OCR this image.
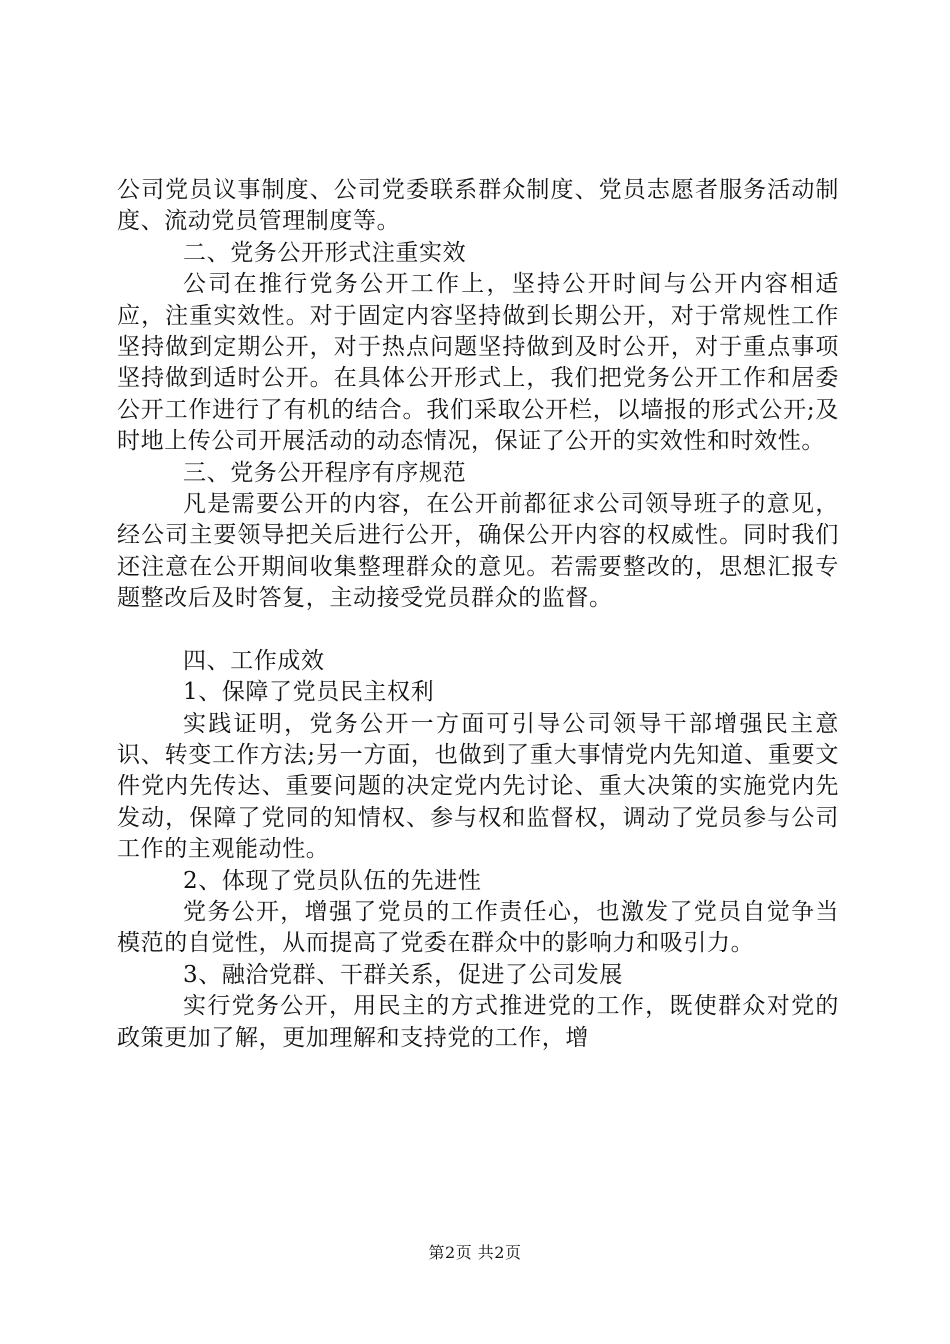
公司党员议事制度、公司党委联系群众制度、党员志愿者服务活动制度、流动党员管理制度等。

二、党务公开形式注重实效

公司在推行党务公开工作上，坚持公开时间与公开内容相适应，注重实效性。对于固定内容坚持做到长期公开，对于常规性工作坚持做到定期公开，对于热点问题坚持做到及时公开，对于重点事项坚持做到适时公开。在具体公开形式上，我们把党务公开工作和居委公开工作进行了有机的结合。我们采取公开栏，以墙报的形式公开;及时地上传公司开展活动的动态情况，保证了公开的实效性和时效性。

三、党务公开程序有序规范

凡是需要公开的内容，在公开前都征求公司领导班子的意见，经公司主要领导把关后进行公开，确保公开内容的权威性。同时我们还注意在公开期间收集整理群众的意见。若需要整改的，思想汇报专题整改后及时答复，主动接受党员群众的监督。

四、工作成效

1、保障了党员民主权利

实践证明，党务公开一方面可引导公司领导干部增强民主意识、转变工作方法;另一方面，也做到了重大事情党内先知道、重要文件党内先传达、重要问题的决定党内先讨论、重大决策的实施党内先发动，保障了党同的知情权、参与权和监督权，调动了党员参与公司工作的主观能动性。

2、体现了党员队伍的先进性

党务公开，增强了党员的工作责任心，也激发了党员自觉争当模范的自觉性，从而提高了党委在群众中的影响力和吸引力。

3、融洽党群、干群关系，促进了公司发展

实行党务公开，用民主的方式推进党的工作，既使群众对党的政策更加了解，更加理解和支持党的工作，增

第2页 共2页
